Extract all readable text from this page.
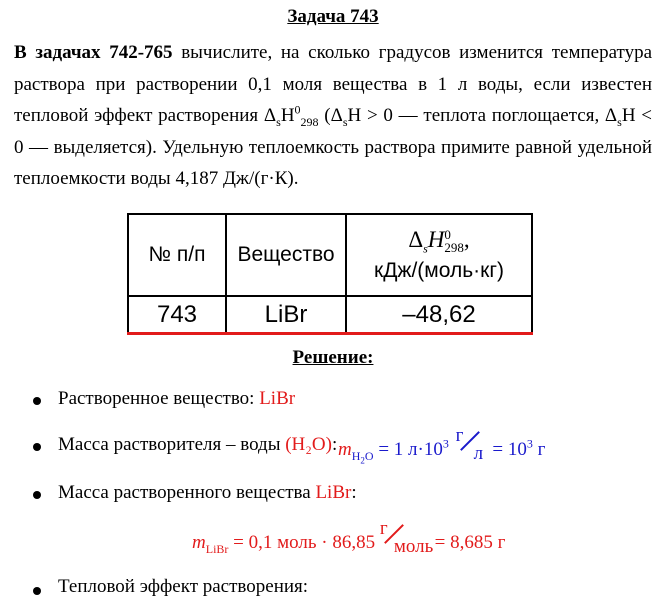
Задача 743
В задачах 742-765 вычислите, на сколько градусов изменится температура раствора при растворении 0,1 моля вещества в 1 л воды, если известен тепловой эффект растворения $\Delta_sH^0_{298}$ ($\Delta_sH > 0$ — теплота поглощается, $\Delta_sH < 0$ — выделяется). Удельную теплоемкость раствора примите равной удельной теплоемкости воды 4,187 Дж/(г·К).
№ п/п	Вещество	$\Delta_sH$ 0
298 ,
кДж/(моль·кг)

743	LiBr	–48,62
Решение:
Растворенное вещество: LiBr
Масса растворителя – воды (H₂O): $m_{H_2O} = 1$ $л\cdot 10^3$ г
$л = 10^3$ г
Масса растворенного вещества LiBr:
$m_{LiBr} = 0,1$ моль · 86,85
г
моль
= 8,685 г
Тепловой эффект растворения:
